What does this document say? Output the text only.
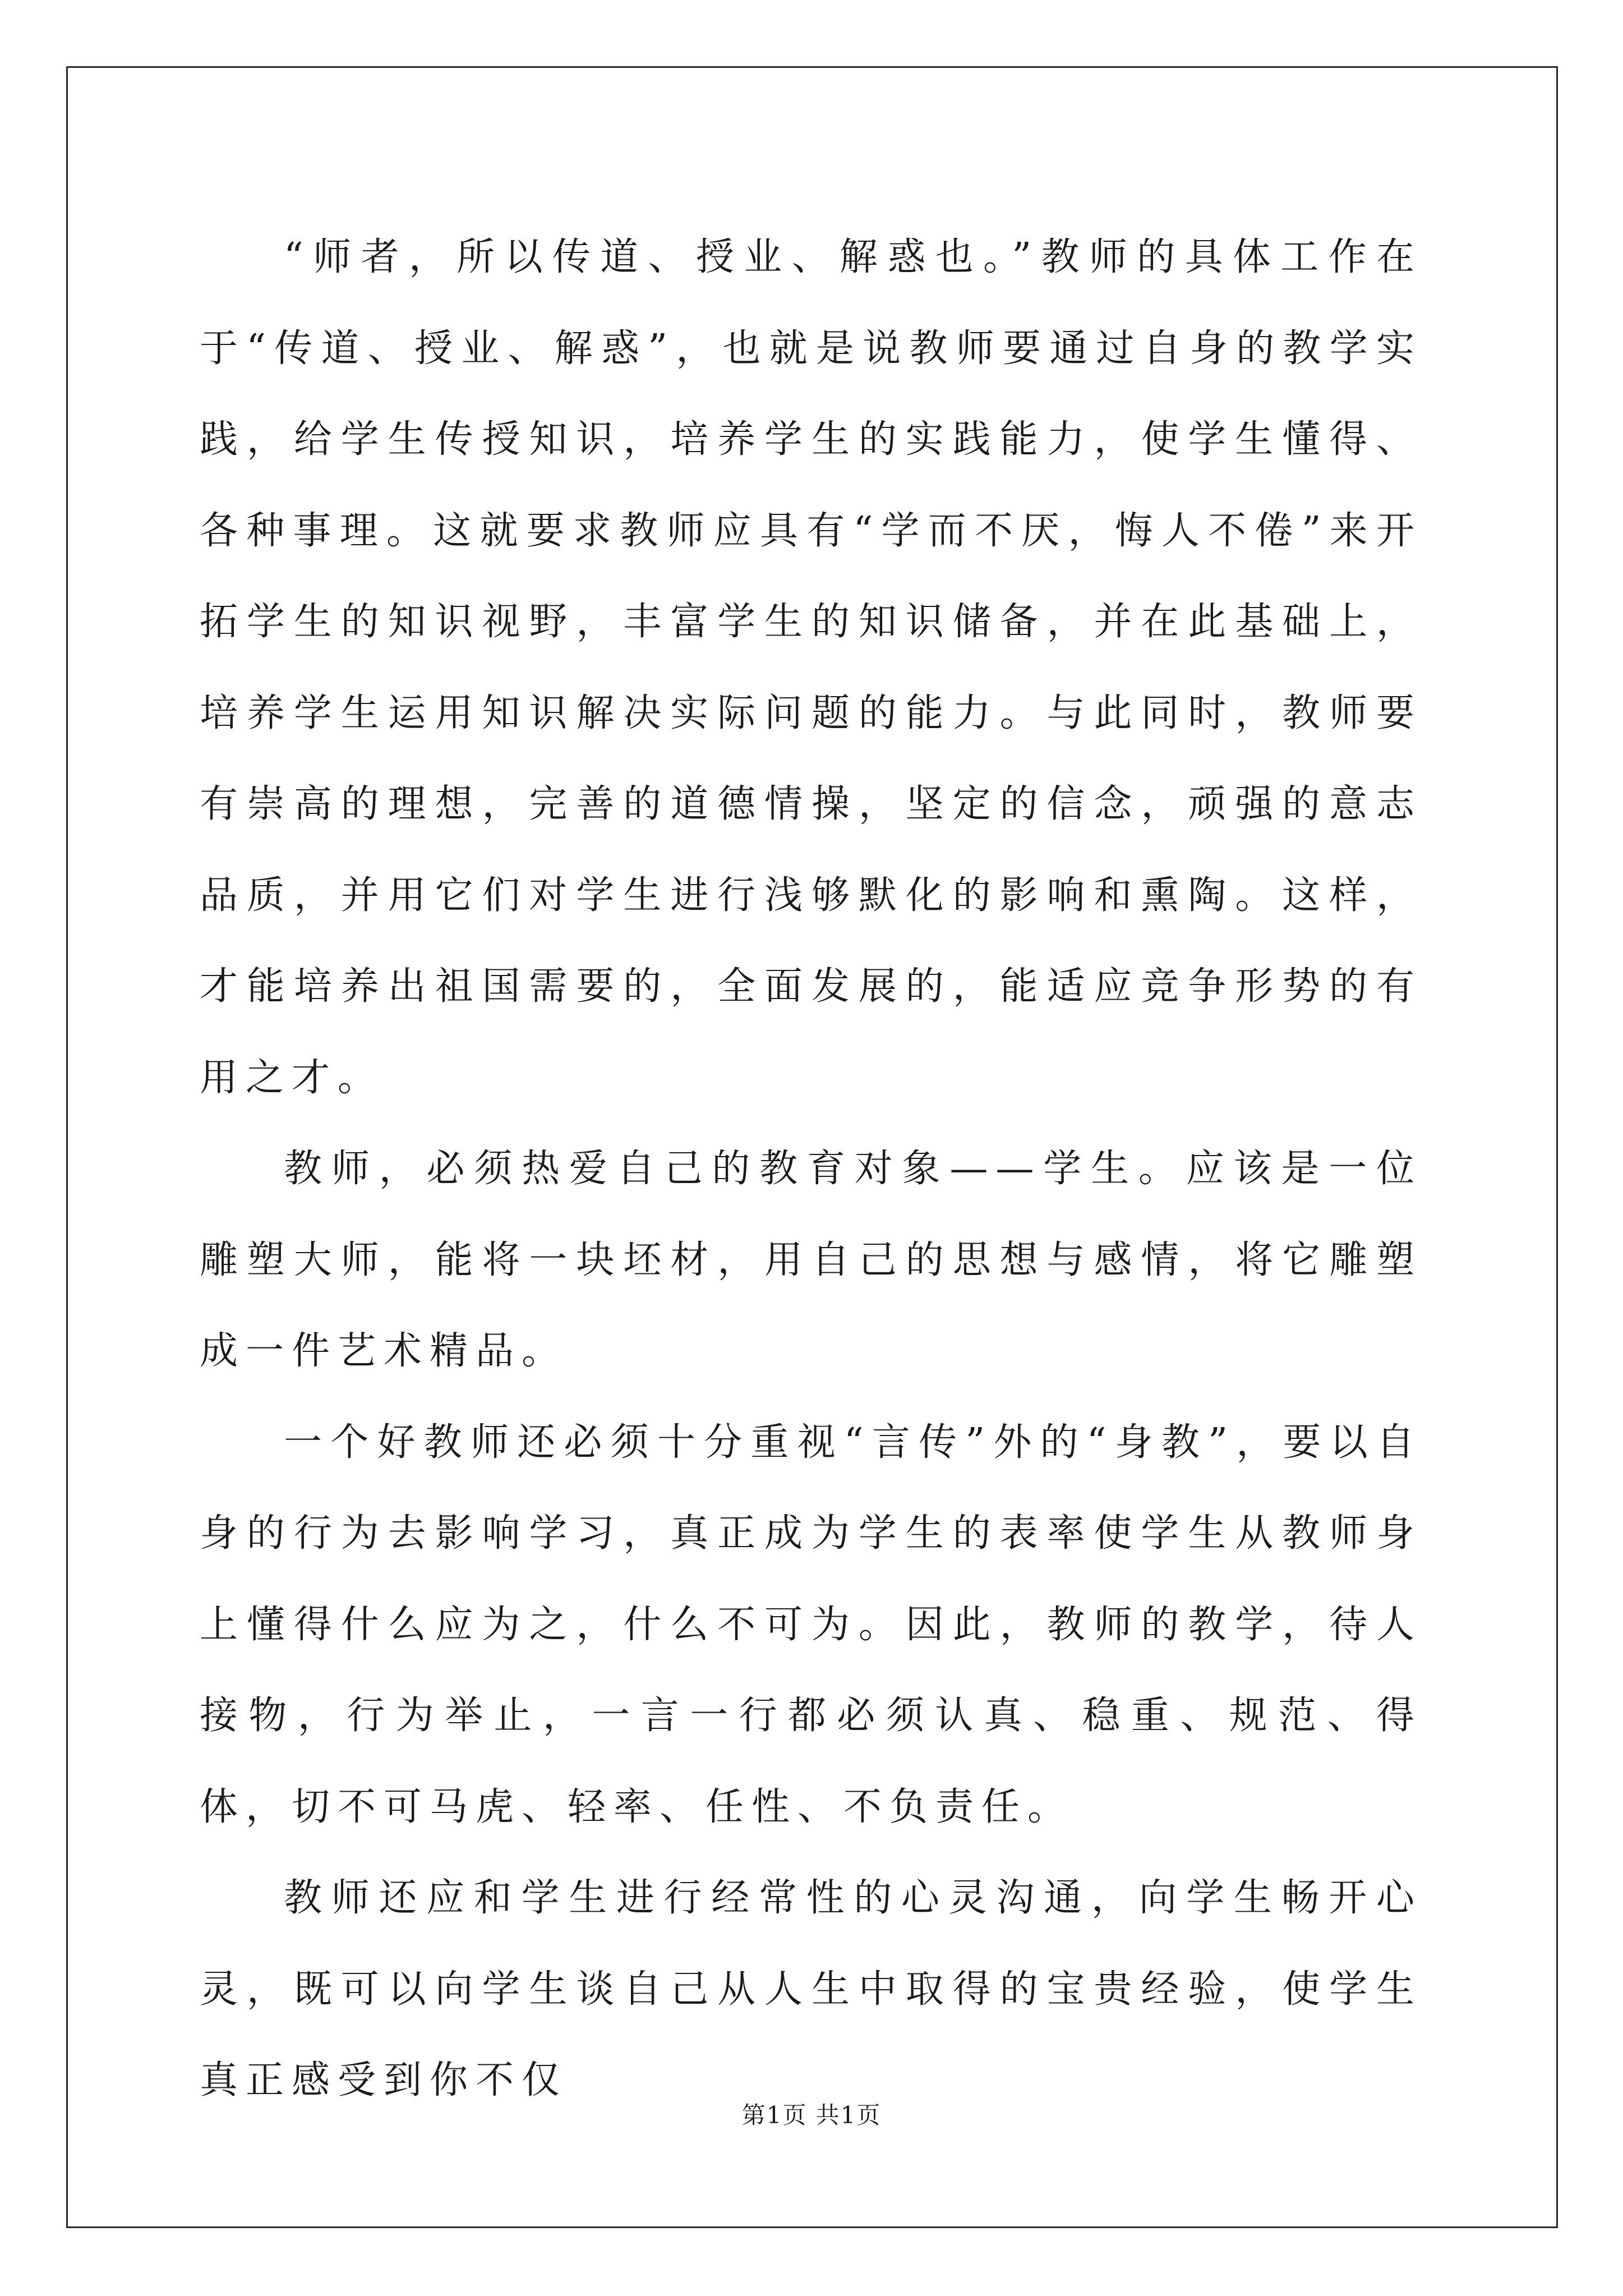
“师者，所以传道、授业、解惑也。”教师的具体工作在于“传道、授业、解惑”，也就是说教师要通过自身的教学实践，给学生传授知识，培养学生的实践能力，使学生懂得、各种事理。这就要求教师应具有“学而不厌，悔人不倦”来开拓学生的知识视野，丰富学生的知识储备，并在此基础上，培养学生运用知识解决实际问题的能力。与此同时，教师要有崇高的理想，完善的道德情操，坚定的信念，顽强的意志品质，并用它们对学生进行浅够默化的影响和熏陶。这样，才能培养出祖国需要的，全面发展的，能适应竞争形势的有用之才。

教师，必须热爱自己的教育对象——学生。应该是一位雕塑大师，能将一块坯材，用自己的思想与感情，将它雕塑成一件艺术精品。

一个好教师还必须十分重视“言传”外的“身教”，要以自身的行为去影响学习，真正成为学生的表率使学生从教师身上懂得什么应为之，什么不可为。因此，教师的教学，待人接物，行为举止，一言一行都必须认真、稳重、规范、得体，切不可马虎、轻率、任性、不负责任。

教师还应和学生进行经常性的心灵沟通，向学生畅开心灵，既可以向学生谈自己从人生中取得的宝贵经验，使学生真正感受到你不仅

第1页 共1页
